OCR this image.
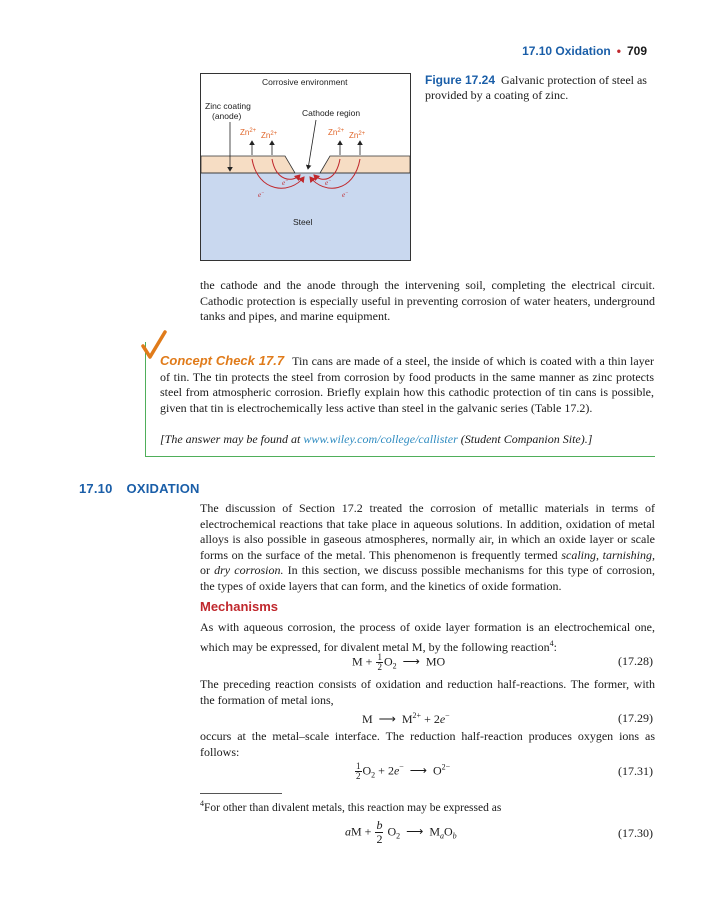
17.10 Oxidation • 709
Corrosive environment
Zinc coating
(anode)	Cathode region
Steel
$Zn^{2+}$ $Zn^{2+}$	$Zn^{2+}$ $Zn^{2+}$
e−
e−	e−
e−
Figure 17.24 Galvanic protection of steel as provided by a coating of zinc.
the cathode and the anode through the intervening soil, completing the electrical circuit. Cathodic protection is especially useful in preventing corrosion of water heaters, underground tanks and pipes, and marine equipment.
Concept Check 17.7 Tin cans are made of a steel, the inside of which is coated with a thin layer of tin. The tin protects the steel from corrosion by food products in the same manner as zinc protects steel from atmospheric corrosion. Briefly explain how this cathodic protection of tin cans is possible, given that tin is electrochemically less active than steel in the galvanic series (Table 17.2).
[The answer may be found at www.wiley.com/college/callister (Student Companion Site).]
17.10 OXIDATION
The discussion of Section 17.2 treated the corrosion of metallic materials in terms of electrochemical reactions that take place in aqueous solutions. In addition, oxidation of metal alloys is also possible in gaseous atmospheres, normally air, in which an oxide layer or scale forms on the surface of the metal. This phenomenon is frequently termed scaling, tarnishing, or dry corrosion. In this section, we discuss possible mechanisms for this type of corrosion, the types of oxide layers that can form, and the kinetics of oxide formation.
Mechanisms
As with aqueous corrosion, the process of oxide layer formation is an electrochemical one, which may be expressed, for divalent metal M, by the following reaction$^4$:
$M + \frac{1}{2} O_2$  ⟶  MO	(17.28)
The preceding reaction consists of oxidation and reduction half-reactions. The former, with the formation of metal ions,
M  ⟶  $M^{2+} + 2e^-$	(17.29)
occurs at the metal–scale interface. The reduction half-reaction produces oxygen ions as follows:
$\frac{1}{2} O_2 + 2e^-$  ⟶  $O^{2-}$	(17.31)
$^4$For other than divalent metals, this reaction may be expressed as
aM + $\frac{b}{2} O_2$  ⟶  $M_aO_b$	(17.30)
